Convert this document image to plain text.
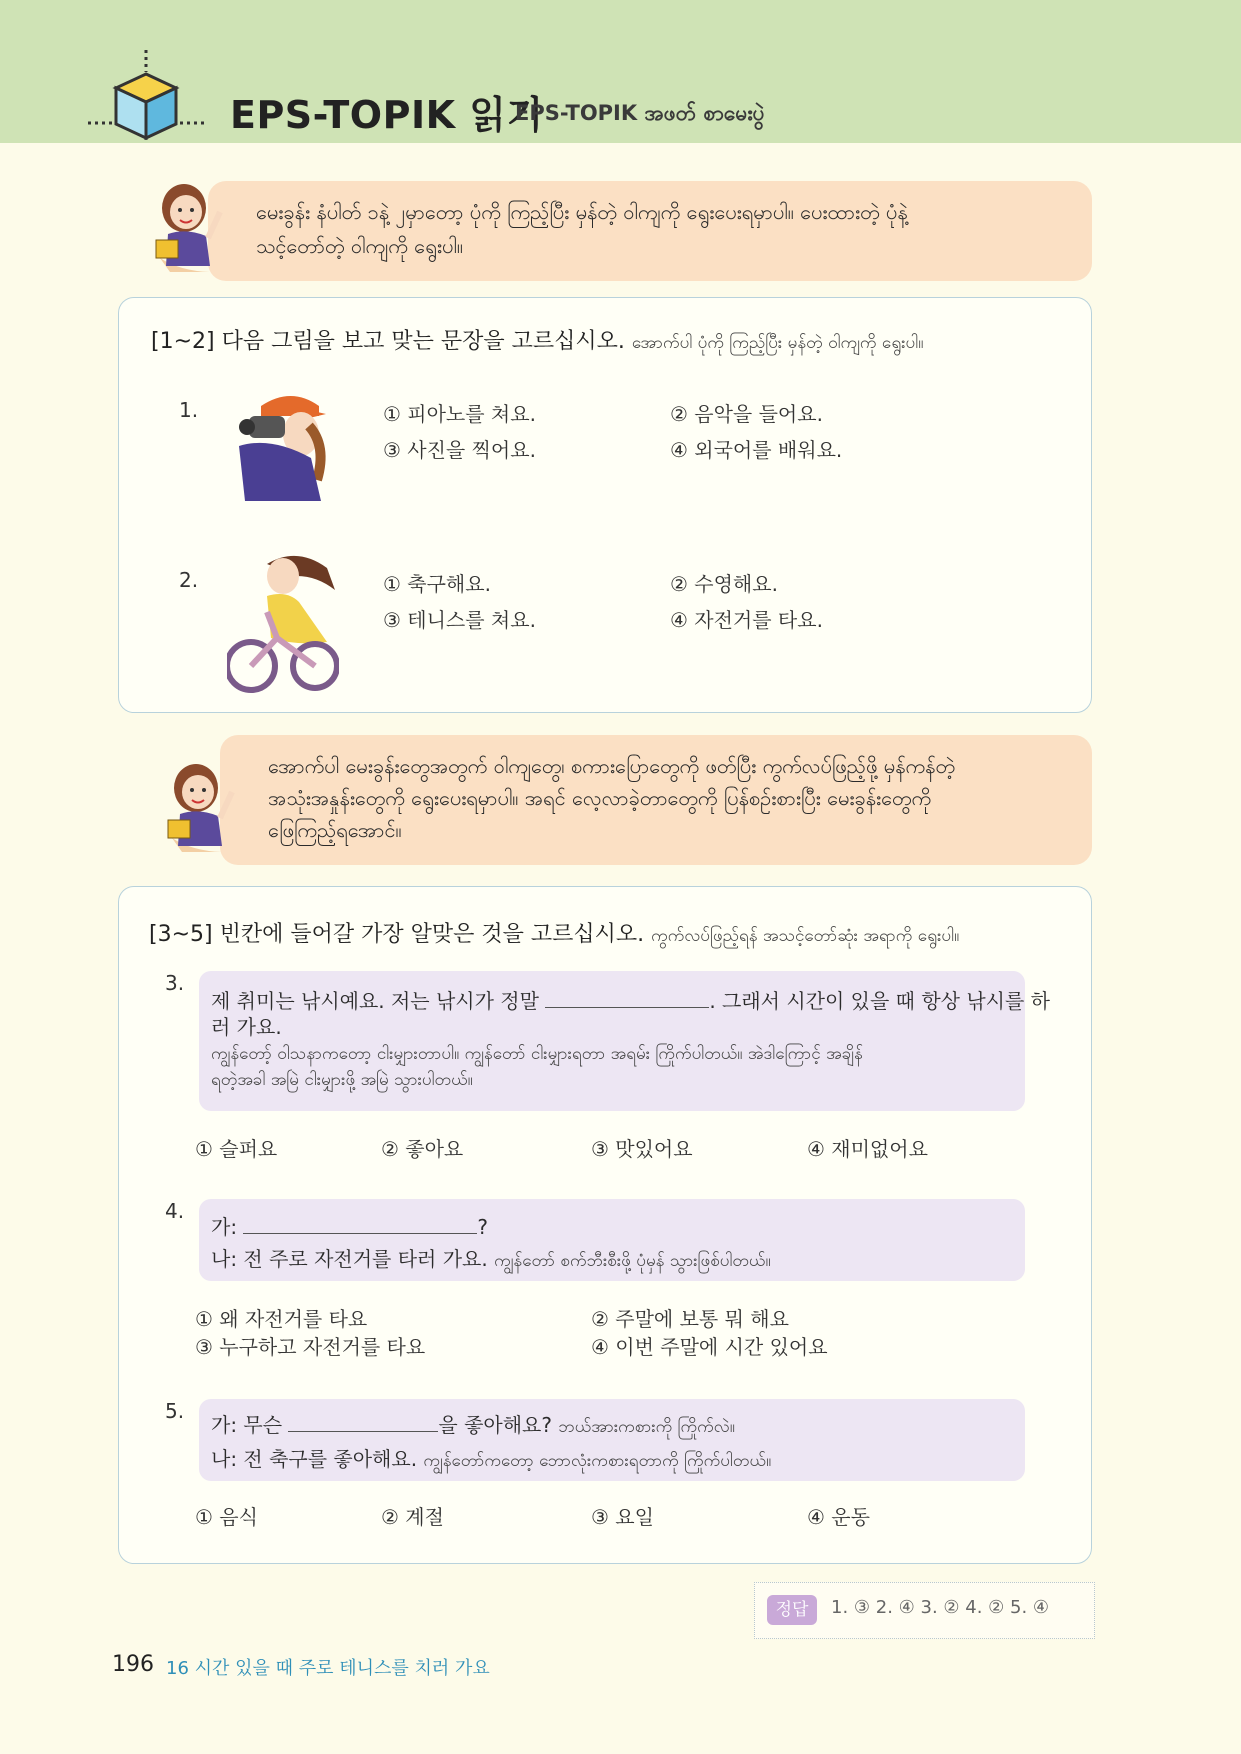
EPS-TOPIK 읽기
EPS-TOPIK အဖတ် စာမေးပွဲ
မေးခွန်း နံပါတ် ၁နဲ့ ၂မှာတော့ ပုံကို ကြည့်ပြီး မှန်တဲ့ ဝါကျကို ရွေးပေးရမှာပါ။ ပေးထားတဲ့ ပုံနဲ့
သင့်တော်တဲ့ ဝါကျကို ရွေးပါ။
[1~2] 다음 그림을 보고 맞는 문장을 고르십시오. အောက်ပါ ပုံကို ကြည့်ပြီး မှန်တဲ့ ဝါကျကို ရွေးပါ။
1.	① 피아노를 쳐요.	② 음악을 들어요.
③ 사진을 찍어요.	④ 외국어를 배워요.
2.	① 축구해요.	② 수영해요.
③ 테니스를 쳐요.	④ 자전거를 타요.
အောက်ပါ မေးခွန်းတွေအတွက် ဝါကျတွေ၊ စကားပြောတွေကို ဖတ်ပြီး ကွက်လပ်ဖြည့်ဖို့ မှန်ကန်တဲ့
အသုံးအနှုန်းတွေကို ရွေးပေးရမှာပါ။ အရင် လေ့လာခဲ့တာတွေကို ပြန်စဉ်းစားပြီး မေးခွန်းတွေကို
ဖြေကြည့်ရအောင်။
[3~5] 빈칸에 들어갈 가장 알맞은 것을 고르십시오. ကွက်လပ်ဖြည့်ရန် အသင့်တော်ဆုံး အရာကို ရွေးပါ။
3.
제 취미는 낚시예요. 저는 낚시가 정말	. 그래서 시간이 있을 때 항상 낚시를 하
러 가요.
ကျွန်တော့် ဝါသနာကတော့ ငါးမျှားတာပါ။ ကျွန်တော် ငါးမျှားရတာ အရမ်း ကြိုက်ပါတယ်။ အဲဒါကြောင့် အချိန်
ရတဲ့အခါ အမြဲ ငါးမျှားဖို့ အမြဲ သွားပါတယ်။
① 슬퍼요	② 좋아요	③ 맛있어요	④ 재미없어요
4.
가:	?
나: 전 주로 자전거를 타러 가요. ကျွန်တော် စက်ဘီးစီးဖို့ ပုံမှန် သွားဖြစ်ပါတယ်။
① 왜 자전거를 타요	② 주말에 보통 뭐 해요
③ 누구하고 자전거를 타요	④ 이번 주말에 시간 있어요
5.
가: 무슨	을 좋아해요? ဘယ်အားကစားကို ကြိုက်လဲ။
나: 전 축구를 좋아해요. ကျွန်တော်ကတော့ ဘောလုံးကစားရတာကို ကြိုက်ပါတယ်။
① 음식	② 계절	③ 요일	④ 운동
정답	1. ③ 2. ④ 3. ② 4. ② 5. ④
196 16 시간 있을 때 주로 테니스를 치러 가요
